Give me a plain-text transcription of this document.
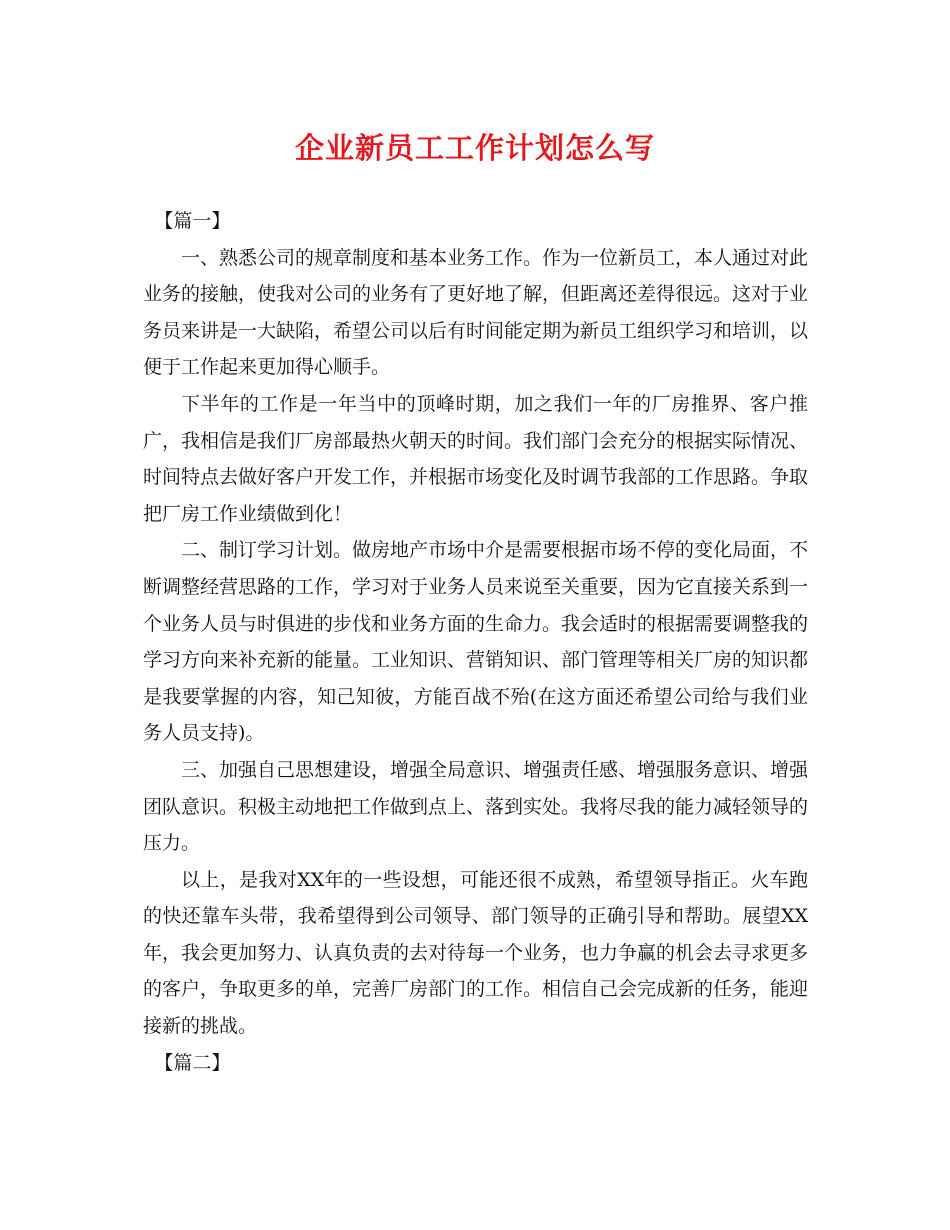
企业新员工工作计划怎么写

【篇一】

一、熟悉公司的规章制度和基本业务工作。作为一位新员工，本人通过对此业务的接触，使我对公司的业务有了更好地了解，但距离还差得很远。这对于业务员来讲是一大缺陷，希望公司以后有时间能定期为新员工组织学习和培训，以便于工作起来更加得心顺手。

下半年的工作是一年当中的顶峰时期，加之我们一年的厂房推界、客户推广，我相信是我们厂房部最热火朝天的时间。我们部门会充分的根据实际情况、时间特点去做好客户开发工作，并根据市场变化及时调节我部的工作思路。争取把厂房工作业绩做到化！

二、制订学习计划。做房地产市场中介是需要根据市场不停的变化局面，不断调整经营思路的工作，学习对于业务人员来说至关重要，因为它直接关系到一个业务人员与时俱进的步伐和业务方面的生命力。我会适时的根据需要调整我的学习方向来补充新的能量。工业知识、营销知识、部门管理等相关厂房的知识都是我要掌握的内容，知己知彼，方能百战不殆(在这方面还希望公司给与我们业务人员支持)。

三、加强自己思想建设，增强全局意识、增强责任感、增强服务意识、增强团队意识。积极主动地把工作做到点上、落到实处。我将尽我的能力减轻领导的压力。

以上，是我对XX年的一些设想，可能还很不成熟，希望领导指正。火车跑的快还靠车头带，我希望得到公司领导、部门领导的正确引导和帮助。展望XX年，我会更加努力、认真负责的去对待每一个业务，也力争赢的机会去寻求更多的客户，争取更多的单，完善厂房部门的工作。相信自己会完成新的任务，能迎接新的挑战。

【篇二】
